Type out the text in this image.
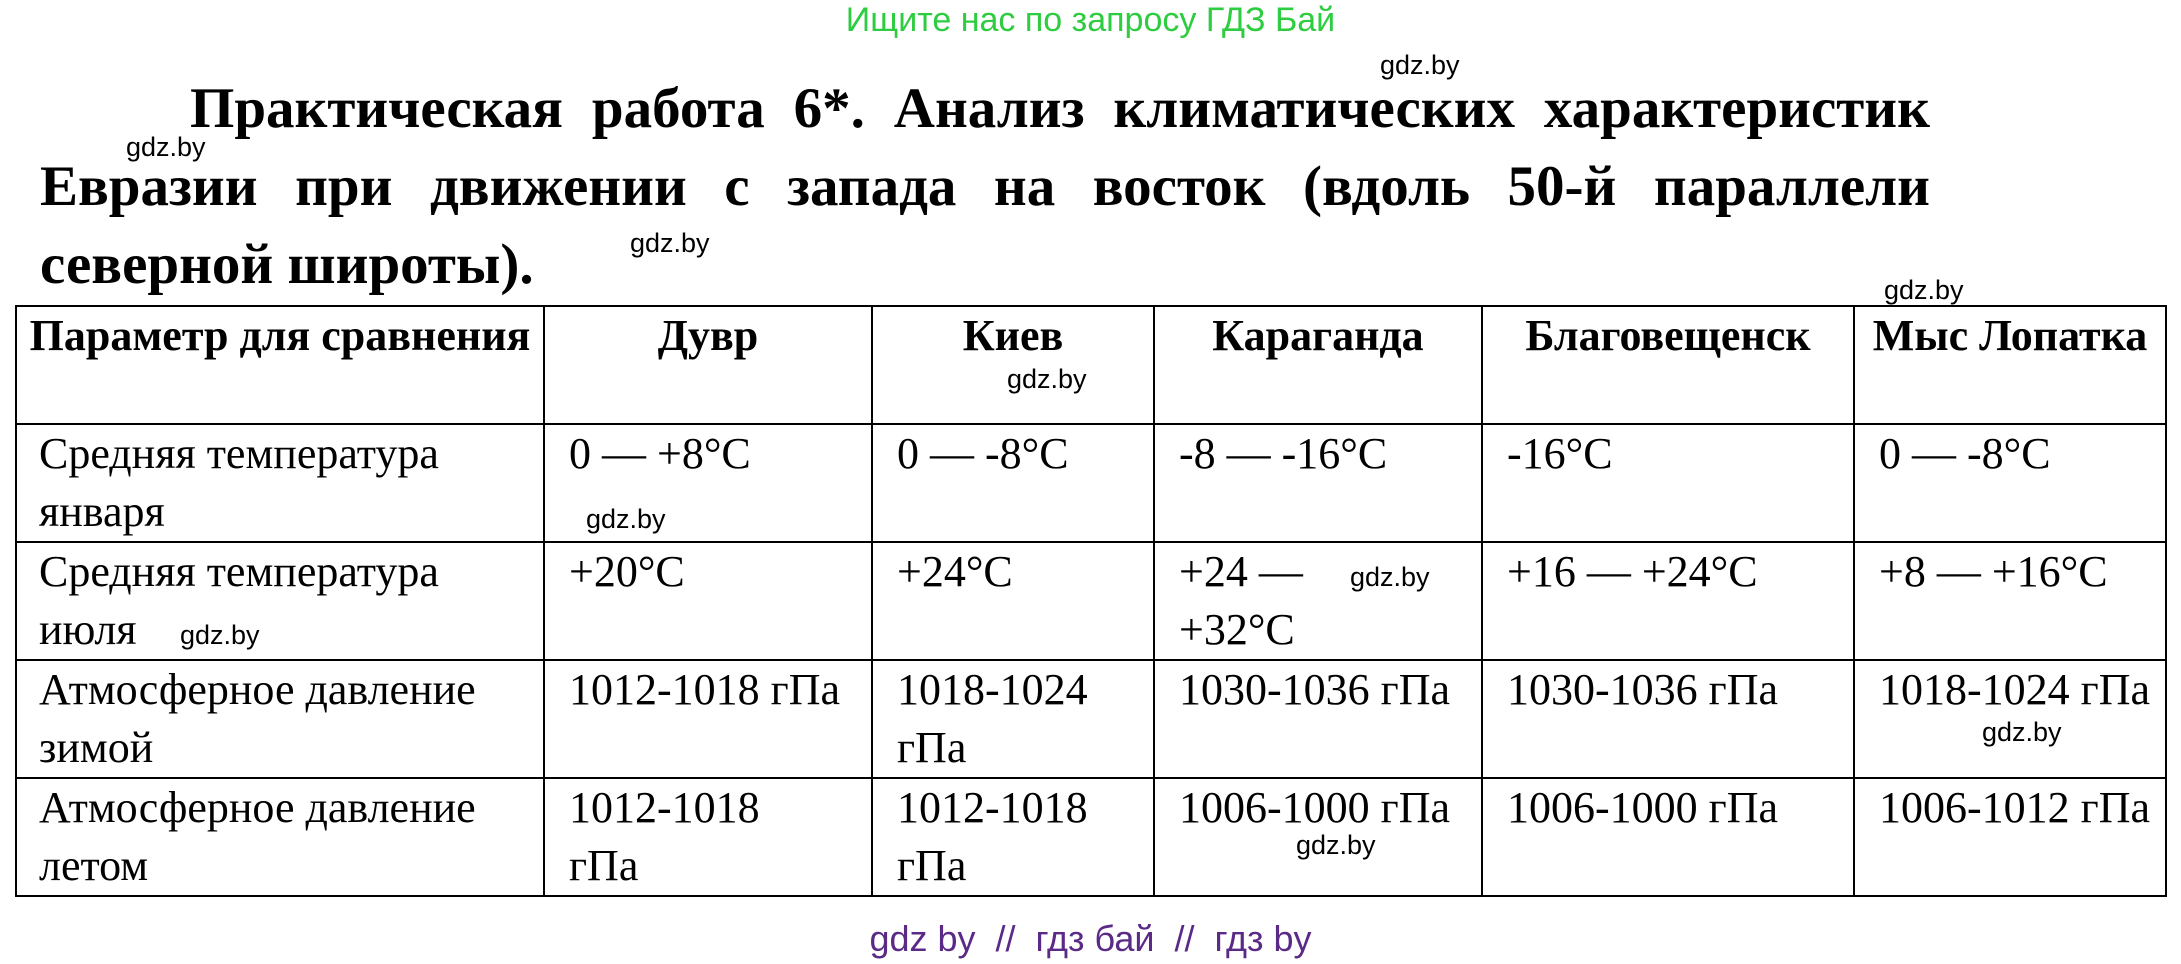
Ищите нас по запросу ГДЗ Бай
Практическая работа 6*. Анализ климатических характеристик Евразии при движении с запада на восток (вдоль 50-й параллели северной широты).
gdz.by
gdz.by
gdz.by
gdz.by
gdz.by
gdz.by
gdz.by
gdz.by
gdz.by
gdz.by
Параметр для сравнения	Дувр	Киев	Караганда	Благовещенск	Мыс Лопатка
Средняя температура января	0 — +8°C	0 — -8°C	-8 — -16°C	-16°C	0 — -8°C
Средняя температура июля	+20°C	+24°C	+24 — +32°C	+16 — +24°C	+8 — +16°C
Атмосферное давление зимой	1012-1018 гПа	1018-1024 гПа	1030-1036 гПа	1030-1036 гПа	1018-1024 гПа
Атмосферное давление летом	1012-1018 гПа	1012-1018 гПа	1006-1000 гПа	1006-1000 гПа	1006-1012 гПа
gdz by  //  гдз бай  //  гдз by
